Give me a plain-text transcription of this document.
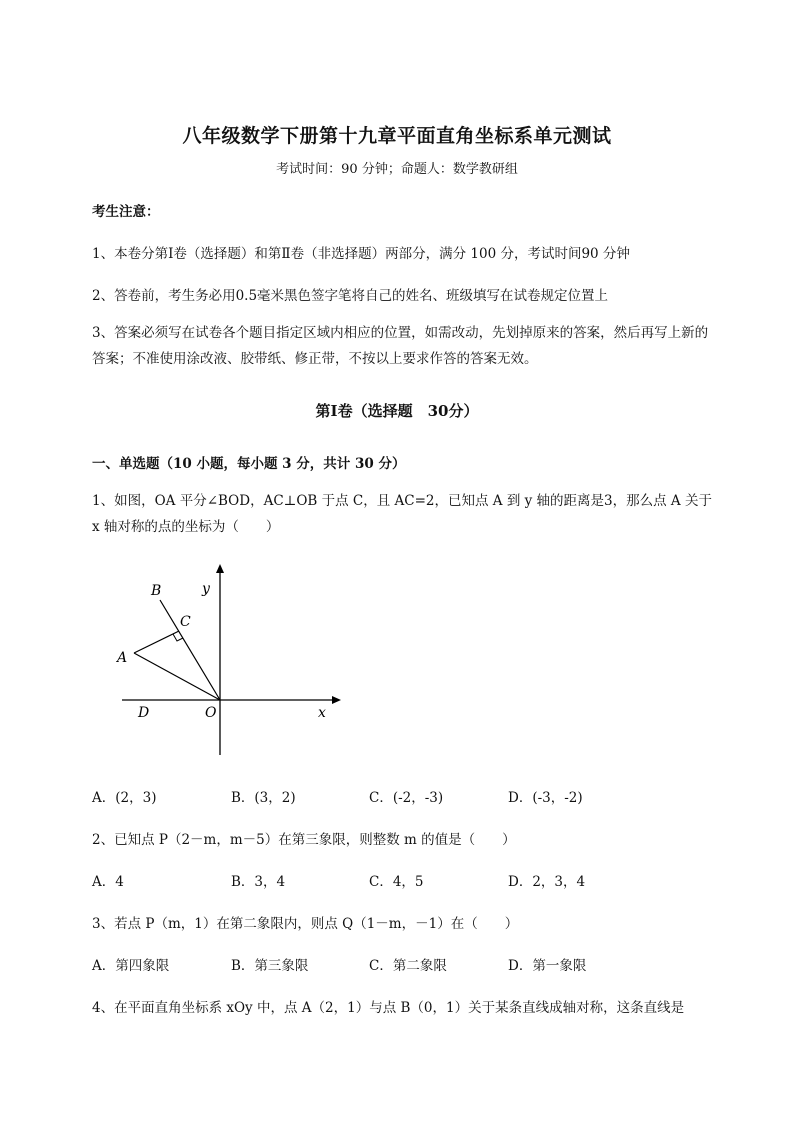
八年级数学下册第十九章平面直角坐标系单元测试
考试时间：90 分钟；命题人：数学教研组
考生注意：
1、本卷分第Ⅰ卷（选择题）和第Ⅱ卷（非选择题）两部分，满分 100 分，考试时间90 分钟
2、答卷前，考生务必用0.5毫米黑色签字笔将自己的姓名、班级填写在试卷规定位置上
3、答案必须写在试卷各个题目指定区域内相应的位置，如需改动，先划掉原来的答案，然后再写上新的答案；不准使用涂改液、胶带纸、修正带，不按以上要求作答的答案无效。
第Ⅰ卷（选择题　30分）
一、单选题（10 小题，每小题 3 分，共计 30 分）
1、如图，OA 平分∠BOD，AC⊥OB 于点 C，且 AC=2，已知点 A 到 y 轴的距离是3，那么点 A 关于 x 轴对称的点的坐标为（　　）
B
C
A
D	O	x
y
A．(2，3)	B．(3，2)	C．(-2，-3)	D．(-3，-2)
2、已知点 P（2－m，m－5）在第三象限，则整数 m 的值是（　　）
A．4	B．3，4	C．4，5	D．2，3，4
3、若点 P（m，1）在第二象限内，则点 Q（1－m，－1）在（　　）
A．第四象限	B．第三象限	C．第二象限	D．第一象限
4、在平面直角坐标系 xOy 中，点 A（2，1）与点 B（0，1）关于某条直线成轴对称，这条直线是
